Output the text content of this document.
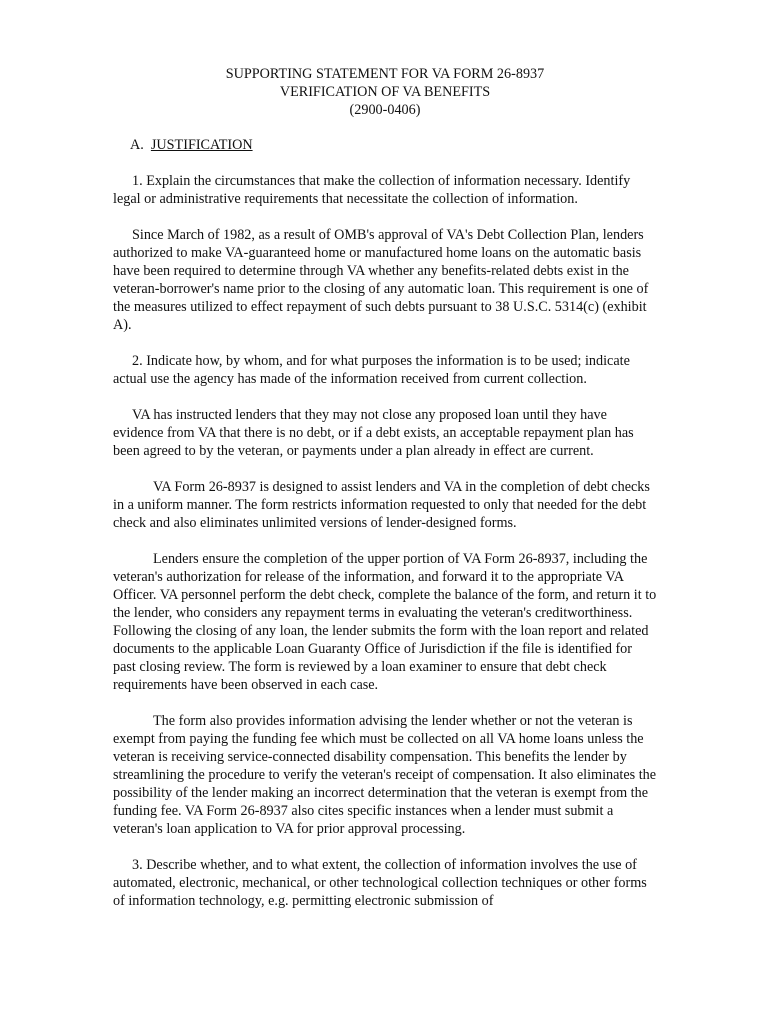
SUPPORTING STATEMENT FOR VA FORM 26-8937
VERIFICATION OF VA BENEFITS
(2900-0406)
A. JUSTIFICATION

1. Explain the circumstances that make the collection of information necessary. Identify legal or administrative requirements that necessitate the collection of information.

Since March of 1982, as a result of OMB's approval of VA's Debt Collection Plan, lenders authorized to make VA-guaranteed home or manufactured home loans on the automatic basis have been required to determine through VA whether any benefits-related debts exist in the veteran-borrower's name prior to the closing of any automatic loan. This requirement is one of the measures utilized to effect repayment of such debts pursuant to 38 U.S.C. 5314(c) (exhibit A).

2. Indicate how, by whom, and for what purposes the information is to be used; indicate actual use the agency has made of the information received from current collection.

VA has instructed lenders that they may not close any proposed loan until they have evidence from VA that there is no debt, or if a debt exists, an acceptable repayment plan has been agreed to by the veteran, or payments under a plan already in effect are current.

VA Form 26-8937 is designed to assist lenders and VA in the completion of debt checks in a uniform manner. The form restricts information requested to only that needed for the debt check and also eliminates unlimited versions of lender-designed forms.

Lenders ensure the completion of the upper portion of VA Form 26-8937, including the veteran's authorization for release of the information, and forward it to the appropriate VA Officer. VA personnel perform the debt check, complete the balance of the form, and return it to the lender, who considers any repayment terms in evaluating the veteran's creditworthiness. Following the closing of any loan, the lender submits the form with the loan report and related documents to the applicable Loan Guaranty Office of Jurisdiction if the file is identified for past closing review. The form is reviewed by a loan examiner to ensure that debt check requirements have been observed in each case.

The form also provides information advising the lender whether or not the veteran is exempt from paying the funding fee which must be collected on all VA home loans unless the veteran is receiving service-connected disability compensation. This benefits the lender by streamlining the procedure to verify the veteran's receipt of compensation. It also eliminates the possibility of the lender making an incorrect determination that the veteran is exempt from the funding fee. VA Form 26-8937 also cites specific instances when a lender must submit a veteran's loan application to VA for prior approval processing.

3. Describe whether, and to what extent, the collection of information involves the use of automated, electronic, mechanical, or other technological collection techniques or other forms of information technology, e.g. permitting electronic submission of
